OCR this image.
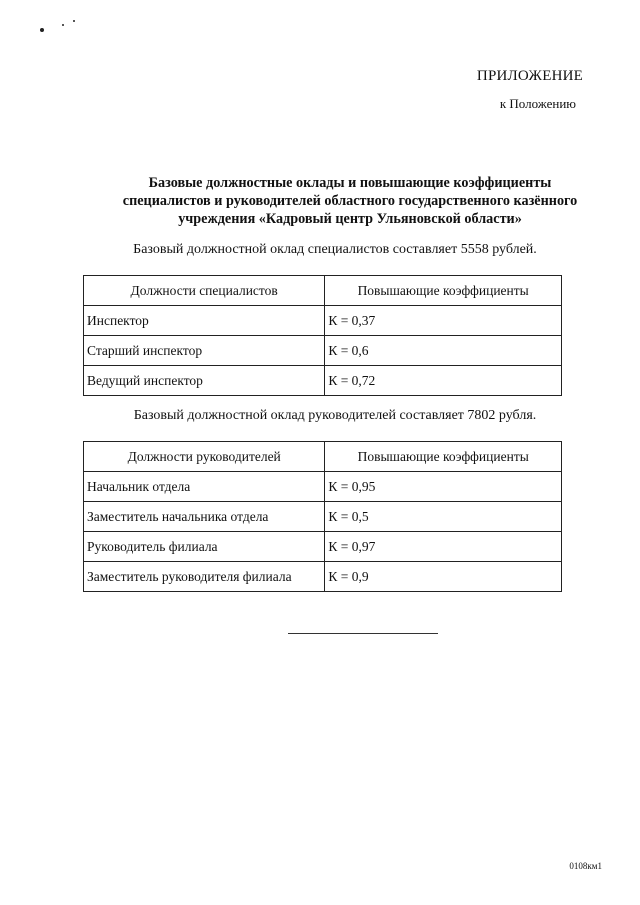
ПРИЛОЖЕНИЕ
к Положению
Базовые должностные оклады и повышающие коэффициенты
специалистов и руководителей областного государственного казённого
учреждения «Кадровый центр Ульяновской области»
Базовый должностной оклад специалистов составляет 5558 рублей.
Должности специалистов	Повышающие коэффициенты
Инспектор	К = 0,37
Старший инспектор	К = 0,6
Ведущий инспектор	К = 0,72
Базовый должностной оклад руководителей составляет 7802 рубля.
Должности руководителей	Повышающие коэффициенты
Начальник отдела	К = 0,95
Заместитель начальника отдела	К = 0,5
Руководитель филиала	К = 0,97
Заместитель руководителя филиала	К = 0,9
0108км1
